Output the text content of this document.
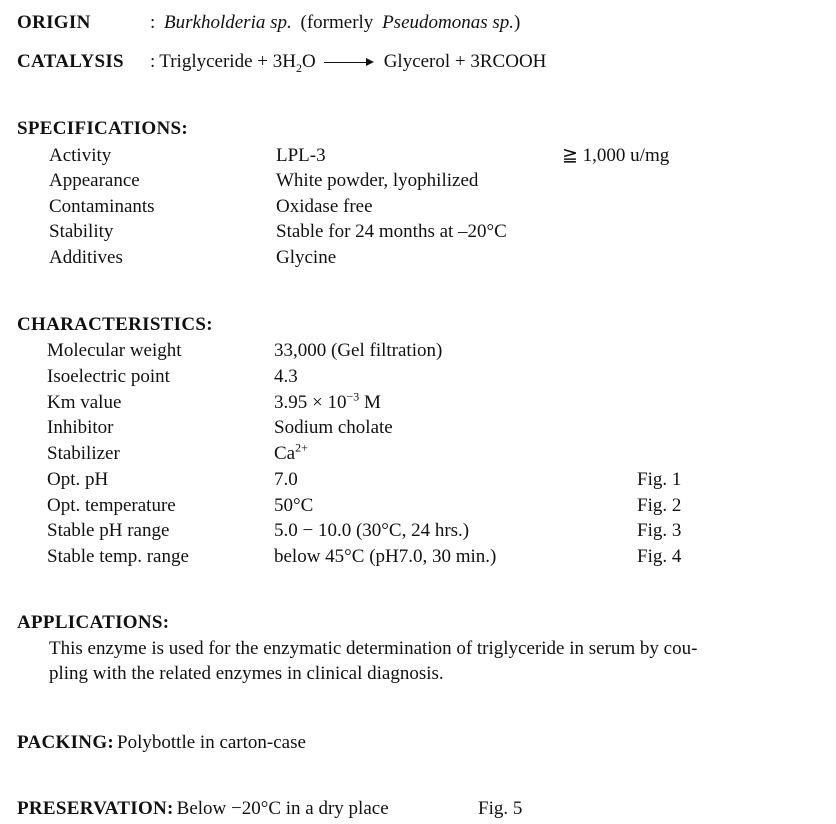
ORIGIN	: Burkholderia sp. (formerly Pseudomonas sp.)
CATALYSIS : Triglyceride + $3H_2O$	Glycerol + 3RCOOH
SPECIFICATIONS:
Activity	LPL-3	≧ 1,000 u/mg
Appearance	White powder, lyophilized
Contaminants	Oxidase free
Stability	Stable for 24 months at –20°C
Additives	Glycine
CHARACTERISTICS:
Molecular weight	33,000 (Gel filtration)
Isoelectric point	4.3
Km value	$3.95 \times 10^{-3}$ M
Inhibitor	Sodium cholate
Stabilizer	$Ca^{2+}$
Opt. pH	7.0	Fig. 1
Opt. temperature	50°C	Fig. 2
Stable pH range	5.0 − 10.0 (30°C, 24 hrs.)	Fig. 3
Stable temp. range	below 45°C (pH7.0, 30 min.)	Fig. 4
APPLICATIONS:
This enzyme is used for the enzymatic determination of triglyceride in serum by cou-
pling with the related enzymes in clinical diagnosis.
PACKING: Polybottle in carton-case
PRESERVATION: Below −20°C in a dry place	Fig. 5
